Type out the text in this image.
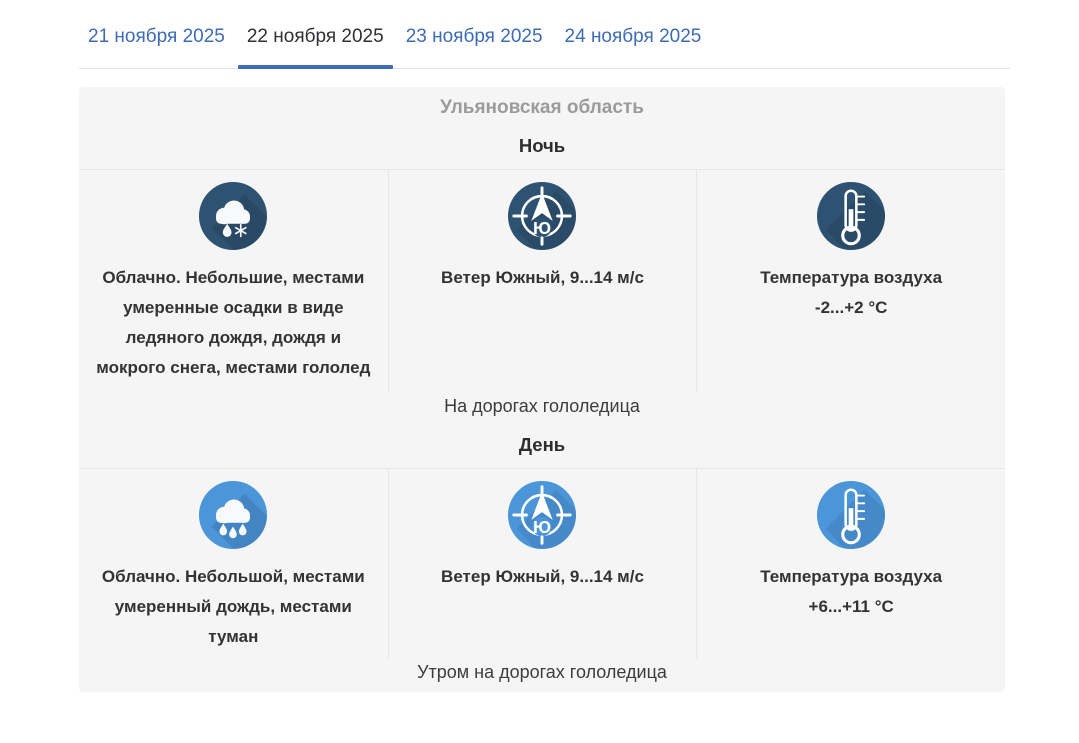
21 ноября 2025	22 ноября 2025	23 ноября 2025	24 ноября 2025
Ульяновская область
Ночь
Облачно. Небольшие, местами умеренные осадки в виде ледяного дождя, дождя и мокрого снега, местами гололед
Ветер Южный, 9...14 м/с	Температура воздуха
-2...+2 °C
На дорогах гололедица
День
Облачно. Небольшой, местами умеренный дождь, местами туман
Ветер Южный, 9...14 м/с	Температура воздуха
+6...+11 °C
Утром на дорогах гололедица
